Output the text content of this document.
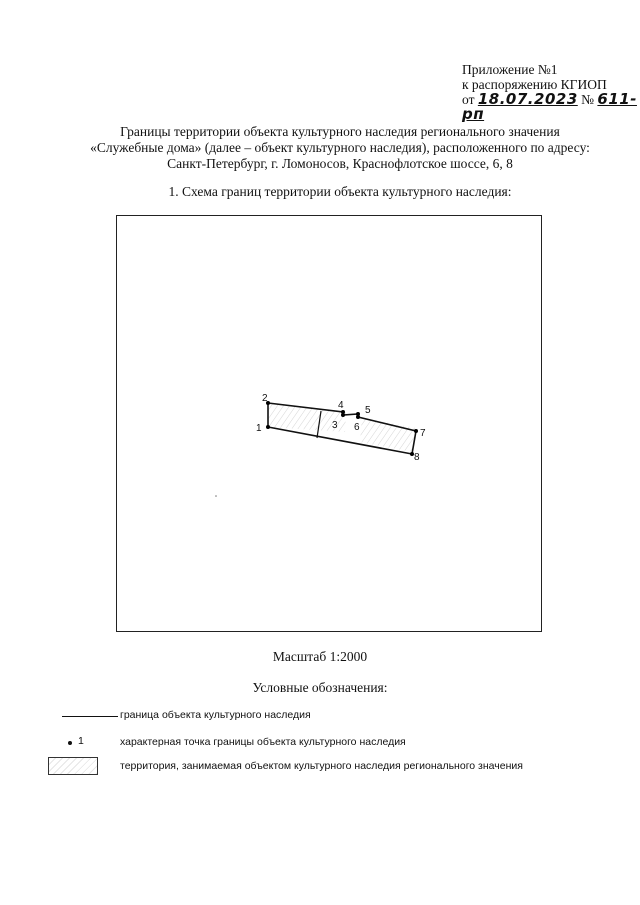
Приложение №1
к распоряжению КГИОП
от 18.07.2023 № 611-рп
Границы территории объекта культурного наследия регионального значения
«Служебные дома» (далее – объект культурного наследия), расположенного по адресу:
Санкт-Петербург, г. Ломоносов, Краснофлотское шоссе, 6, 8
1. Схема границ территории объекта культурного наследия:
1
2
3
4 5
6
7
8
Масштаб 1:2000
Условные обозначения:
граница объекта культурного наследия
1	характерная точка границы объекта культурного наследия
территория, занимаемая объектом культурного наследия регионального значения
